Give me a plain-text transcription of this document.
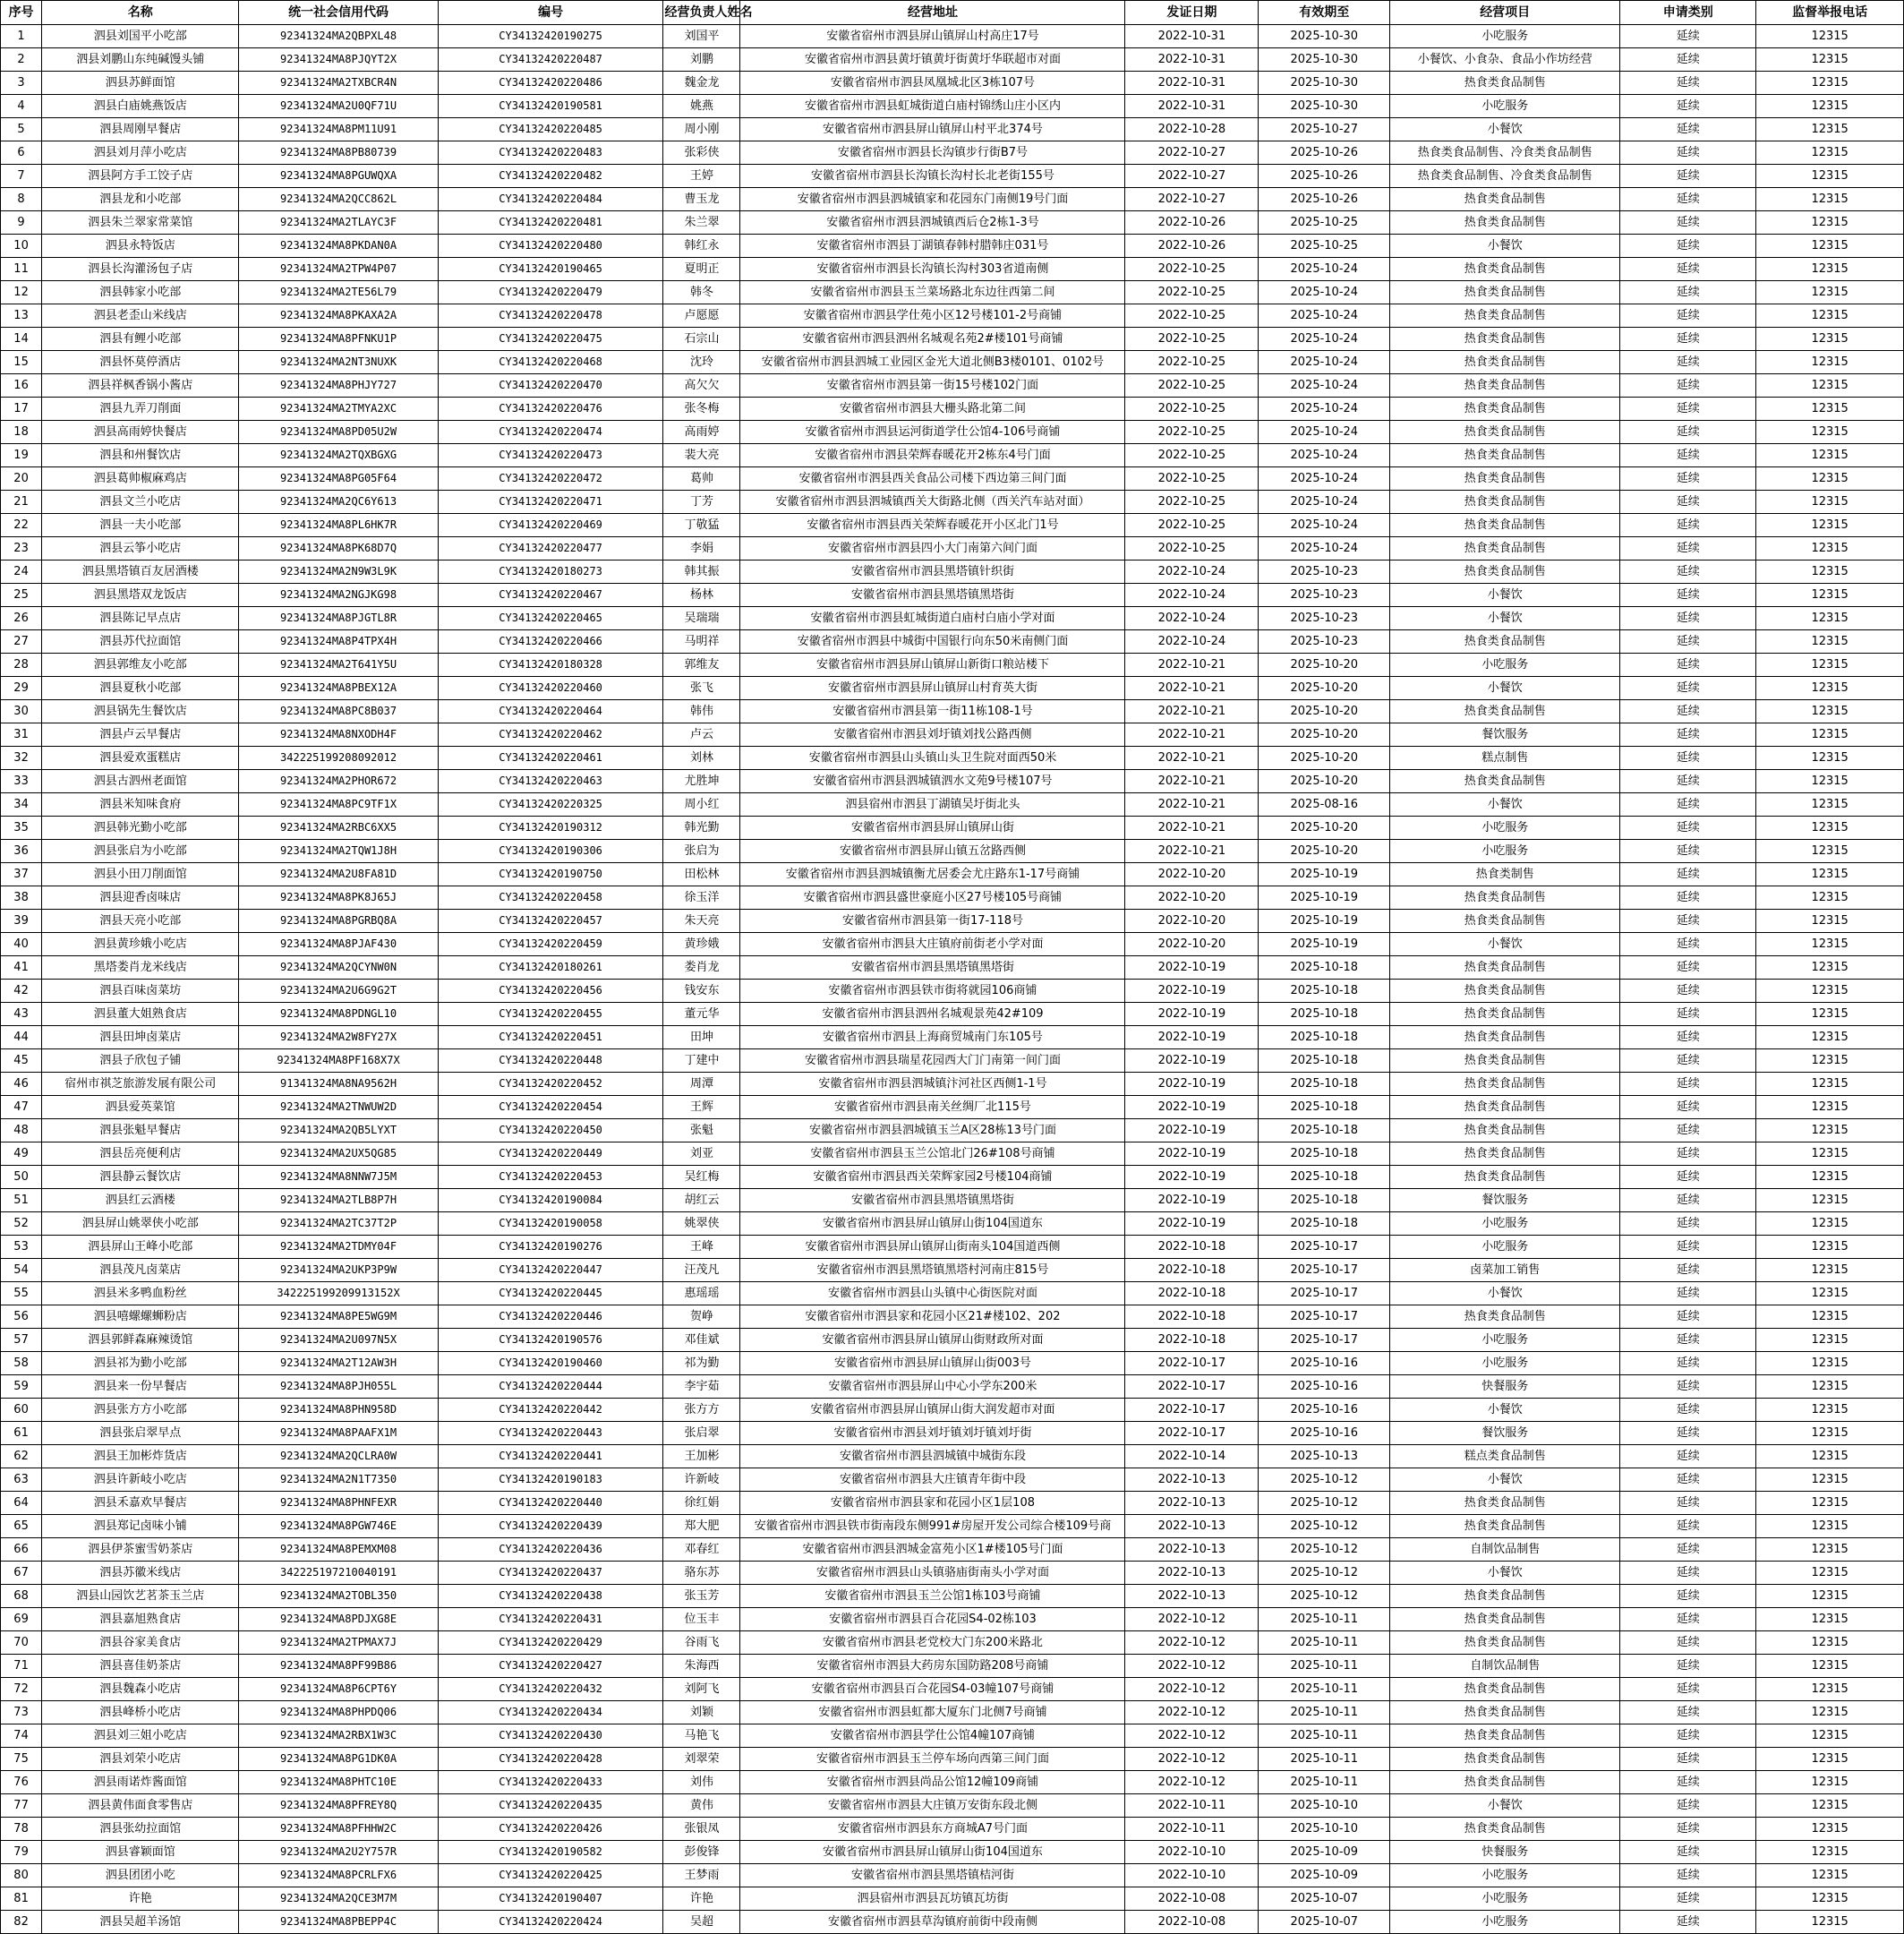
序号	名称	统一社会信用代码	编号	经营负责人姓名	经营地址	发证日期	有效期至	经营项目	申请类别	监督举报电话
1	泗县刘国平小吃部	92341324MA2QBPXL48	CY34132420190275	刘国平	安徽省宿州市泗县屏山镇屏山村高庄17号	2022-10-31	2025-10-30	小吃服务	延续	12315
2	泗县刘鹏山东纯碱馒头铺	92341324MA8PJQYT2X	CY34132420220487	刘鹏	安徽省宿州市泗县黄圩镇黄圩街黄圩华联超市对面	2022-10-31	2025-10-30	小餐饮、小食杂、食品小作坊经营	延续	12315
3	泗县苏鲜面馆	92341324MA2TXBCR4N	CY34132420220486	魏金龙	安徽省宿州市泗县凤凰城北区3栋107号	2022-10-31	2025-10-30	热食类食品制售	延续	12315
4	泗县白庙姚燕饭店	92341324MA2U0QF71U	CY34132420190581	姚燕	安徽省宿州市泗县虹城街道白庙村锦绣山庄小区内	2022-10-31	2025-10-30	小吃服务	延续	12315
5	泗县周刚早餐店	92341324MA8PM11U91	CY34132420220485	周小刚	安徽省宿州市泗县屏山镇屏山村平北374号	2022-10-28	2025-10-27	小餐饮	延续	12315
6	泗县刘月萍小吃店	92341324MA8PB80739	CY34132420220483	张彩侠	安徽省宿州市泗县长沟镇步行街B7号	2022-10-27	2025-10-26	热食类食品制售、冷食类食品制售	延续	12315
7	泗县阿方手工饺子店	92341324MA8PGUWQXA	CY34132420220482	王婷	安徽省宿州市泗县长沟镇长沟村长北老街155号	2022-10-27	2025-10-26	热食类食品制售、冷食类食品制售	延续	12315
8	泗县龙和小吃部	92341324MA2QCC862L	CY34132420220484	曹玉龙	安徽省宿州市泗县泗城镇家和花园东门南侧19号门面	2022-10-27	2025-10-26	热食类食品制售	延续	12315
9	泗县朱兰翠家常菜馆	92341324MA2TLAYC3F	CY34132420220481	朱兰翠	安徽省宿州市泗县泗城镇西后仓2栋1-3号	2022-10-26	2025-10-25	热食类食品制售	延续	12315
10	泗县永特饭店	92341324MA8PKDAN0A	CY34132420220480	韩红永	安徽省宿州市泗县丁湖镇春韩村腊韩庄031号	2022-10-26	2025-10-25	小餐饮	延续	12315
11	泗县长沟灌汤包子店	92341324MA2TPW4P07	CY34132420190465	夏明正	安徽省宿州市泗县长沟镇长沟村303省道南侧	2022-10-25	2025-10-24	热食类食品制售	延续	12315
12	泗县韩家小吃部	92341324MA2TE56L79	CY34132420220479	韩冬	安徽省宿州市泗县玉兰菜场路北东边往西第二间	2022-10-25	2025-10-24	热食类食品制售	延续	12315
13	泗县老歪山米线店	92341324MA8PKAXA2A	CY34132420220478	卢愿愿	安徽省宿州市泗县学仕苑小区12号楼101-2号商铺	2022-10-25	2025-10-24	热食类食品制售	延续	12315
14	泗县有鲤小吃部	92341324MA8PFNKU1P	CY34132420220475	石宗山	安徽省宿州市泗县泗州名城观名苑2#楼101号商铺	2022-10-25	2025-10-24	热食类食品制售	延续	12315
15	泗县怀莫停酒店	92341324MA2NT3NUXK	CY34132420220468	沈玲	安徽省宿州市泗县泗城工业园区金光大道北侧B3楼0101、0102号	2022-10-25	2025-10-24	热食类食品制售	延续	12315
16	泗县祥枫香锅小酱店	92341324MA8PHJY727	CY34132420220470	高欠欠	安徽省宿州市泗县第一街15号楼102门面	2022-10-25	2025-10-24	热食类食品制售	延续	12315
17	泗县九弄刀削面	92341324MA2TMYA2XC	CY34132420220476	张冬梅	安徽省宿州市泗县大栅头路北第二间	2022-10-25	2025-10-24	热食类食品制售	延续	12315
18	泗县高雨婷快餐店	92341324MA8PD05U2W	CY34132420220474	高雨婷	安徽省宿州市泗县运河街道学仕公馆4-106号商铺	2022-10-25	2025-10-24	热食类食品制售	延续	12315
19	泗县和州餐饮店	92341324MA2TQXBGXG	CY34132420220473	裴大亮	安徽省宿州市泗县荣辉春暖花开2栋东4号门面	2022-10-25	2025-10-24	热食类食品制售	延续	12315
20	泗县葛帅椒麻鸡店	92341324MA8PG05F64	CY34132420220472	葛帅	安徽省宿州市泗县西关食品公司楼下西边第三间门面	2022-10-25	2025-10-24	热食类食品制售	延续	12315
21	泗县文兰小吃店	92341324MA2QC6Y613	CY34132420220471	丁芳	安徽省宿州市泗县泗城镇西关大街路北侧（西关汽车站对面）	2022-10-25	2025-10-24	热食类食品制售	延续	12315
22	泗县一夫小吃部	92341324MA8PL6HK7R	CY34132420220469	丁敬猛	安徽省宿州市泗县西关荣辉春暖花开小区北门1号	2022-10-25	2025-10-24	热食类食品制售	延续	12315
23	泗县云筝小吃店	92341324MA8PK68D7Q	CY34132420220477	李娟	安徽省宿州市泗县四小大门南第六间门面	2022-10-25	2025-10-24	热食类食品制售	延续	12315
24	泗县黑塔镇百友居酒楼	92341324MA2N9W3L9K	CY34132420180273	韩其振	安徽省宿州市泗县黑塔镇针织街	2022-10-24	2025-10-23	热食类食品制售	延续	12315
25	泗县黑塔双龙饭店	92341324MA2NGJKG98	CY34132420220467	杨林	安徽省宿州市泗县黑塔镇黑塔街	2022-10-24	2025-10-23	小餐饮	延续	12315
26	泗县陈记早点店	92341324MA8PJGTL8R	CY34132420220465	吴瑞瑞	安徽省宿州市泗县虹城街道白庙村白庙小学对面	2022-10-24	2025-10-23	小餐饮	延续	12315
27	泗县苏代拉面馆	92341324MA8P4TPX4H	CY34132420220466	马明祥	安徽省宿州市泗县中城街中国银行向东50米南侧门面	2022-10-24	2025-10-23	热食类食品制售	延续	12315
28	泗县郭维友小吃部	92341324MA2T641Y5U	CY34132420180328	郭维友	安徽省宿州市泗县屏山镇屏山新街口粮站楼下	2022-10-21	2025-10-20	小吃服务	延续	12315
29	泗县夏秋小吃部	92341324MA8PBEX12A	CY34132420220460	张飞	安徽省宿州市泗县屏山镇屏山村育英大街	2022-10-21	2025-10-20	小餐饮	延续	12315
30	泗县锅先生餐饮店	92341324MA8PC8B037	CY34132420220464	韩伟	安徽省宿州市泗县第一街11栋108-1号	2022-10-21	2025-10-20	热食类食品制售	延续	12315
31	泗县卢云早餐店	92341324MA8NXODH4F	CY34132420220462	卢云	安徽省宿州市泗县刘圩镇刘找公路西侧	2022-10-21	2025-10-20	餐饮服务	延续	12315
32	泗县爱欢蛋糕店	342225199208092012	CY34132420220461	刘林	安徽省宿州市泗县山头镇山头卫生院对面西50米	2022-10-21	2025-10-20	糕点制售	延续	12315
33	泗县古泗州老面馆	92341324MA2PHOR672	CY34132420220463	尤胜坤	安徽省宿州市泗县泗城镇泗水文苑9号楼107号	2022-10-21	2025-10-20	热食类食品制售	延续	12315
34	泗县米知味食府	92341324MA8PC9TF1X	CY34132420220325	周小红	泗县宿州市泗县丁湖镇吴圩街北头	2022-10-21	2025-08-16	小餐饮	延续	12315
35	泗县韩光勤小吃部	92341324MA2RBC6XX5	CY34132420190312	韩光勤	安徽省宿州市泗县屏山镇屏山街	2022-10-21	2025-10-20	小吃服务	延续	12315
36	泗县张启为小吃部	92341324MA2TQW1J8H	CY34132420190306	张启为	安徽省宿州市泗县屏山镇五岔路西侧	2022-10-21	2025-10-20	小吃服务	延续	12315
37	泗县小田刀削面馆	92341324MA2U8FA81D	CY34132420190750	田松林	安徽省宿州市泗县泗城镇衡尤居委会尤庄路东1-17号商铺	2022-10-20	2025-10-19	热食类制售	延续	12315
38	泗县迎香卤味店	92341324MA8PK8J65J	CY34132420220458	徐玉洋	安徽省宿州市泗县盛世豪庭小区27号楼105号商铺	2022-10-20	2025-10-19	热食类食品制售	延续	12315
39	泗县天亮小吃部	92341324MA8PGRBQ8A	CY34132420220457	朱天亮	安徽省宿州市泗县第一街17-118号	2022-10-20	2025-10-19	热食类食品制售	延续	12315
40	泗县黄珍娥小吃店	92341324MA8PJAF430	CY34132420220459	黄珍娥	安徽省宿州市泗县大庄镇府前街老小学对面	2022-10-20	2025-10-19	小餐饮	延续	12315
41	黑塔娄肖龙米线店	92341324MA2QCYNW0N	CY34132420180261	娄肖龙	安徽省宿州市泗县黑塔镇黑塔街	2022-10-19	2025-10-18	热食类食品制售	延续	12315
42	泗县百味卤菜坊	92341324MA2U6G9G2T	CY34132420220456	钱安东	安徽省宿州市泗县铁市街将就园106商铺	2022-10-19	2025-10-18	热食类食品制售	延续	12315
43	泗县董大姐熟食店	92341324MA8PDNGL10	CY34132420220455	董元华	安徽省宿州市泗县泗州名城观景苑42#109	2022-10-19	2025-10-18	热食类食品制售	延续	12315
44	泗县田坤卤菜店	92341324MA2W8FY27X	CY34132420220451	田坤	安徽省宿州市泗县上海商贸城南门东105号	2022-10-19	2025-10-18	热食类食品制售	延续	12315
45	泗县子欣包子铺	92341324MA8PF168X7X	CY34132420220448	丁建中	安徽省宿州市泗县瑞星花园西大门门南第一间门面	2022-10-19	2025-10-18	热食类食品制售	延续	12315
46	宿州市祺芝旅游发展有限公司	91341324MA8NA9562H	CY34132420220452	周潭	安徽省宿州市泗县泗城镇汴河社区西侧1-1号	2022-10-19	2025-10-18	热食类食品制售	延续	12315
47	泗县爱英菜馆	92341324MA2TNWUW2D	CY34132420220454	王辉	安徽省宿州市泗县南关丝绸厂北115号	2022-10-19	2025-10-18	热食类食品制售	延续	12315
48	泗县张魁早餐店	92341324MA2QB5LYXT	CY34132420220450	张魁	安徽省宿州市泗县泗城镇玉兰A区28栋13号门面	2022-10-19	2025-10-18	热食类食品制售	延续	12315
49	泗县岳亮便利店	92341324MA2UX5QG85	CY34132420220449	刘亚	安徽省宿州市泗县玉兰公馆北门26#108号商铺	2022-10-19	2025-10-18	热食类食品制售	延续	12315
50	泗县静云餐饮店	92341324MA8NNW7J5M	CY34132420220453	吴红梅	安徽省宿州市泗县西关荣辉家园2号楼104商铺	2022-10-19	2025-10-18	热食类食品制售	延续	12315
51	泗县红云酒楼	92341324MA2TLB8P7H	CY34132420190084	胡红云	安徽省宿州市泗县黑塔镇黑塔街	2022-10-19	2025-10-18	餐饮服务	延续	12315
52	泗县屏山姚翠侠小吃部	92341324MA2TC37T2P	CY34132420190058	姚翠侠	安徽省宿州市泗县屏山镇屏山街104国道东	2022-10-19	2025-10-18	小吃服务	延续	12315
53	泗县屏山王峰小吃部	92341324MA2TDMY04F	CY34132420190276	王峰	安徽省宿州市泗县屏山镇屏山街南头104国道西侧	2022-10-18	2025-10-17	小吃服务	延续	12315
54	泗县茂凡卤菜店	92341324MA2UKP3P9W	CY34132420220447	汪茂凡	安徽省宿州市泗县黑塔镇黑塔村河南庄815号	2022-10-18	2025-10-17	卤菜加工销售	延续	12315
55	泗县米多鸭血粉丝	342225199209913152X	CY34132420220445	惠瑶瑶	安徽省宿州市泗县山头镇中心街医院对面	2022-10-18	2025-10-17	小餐饮	延续	12315
56	泗县嘻螺螺蛳粉店	92341324MA8PE5WG9M	CY34132420220446	贺峥	安徽省宿州市泗县家和花园小区21#楼102、202	2022-10-18	2025-10-17	热食类食品制售	延续	12315
57	泗县郭鲜森麻辣烫馆	92341324MA2U097N5X	CY34132420190576	邓佳斌	安徽省宿州市泗县屏山镇屏山街财政所对面	2022-10-18	2025-10-17	小吃服务	延续	12315
58	泗县祁为勤小吃部	92341324MA2T12AW3H	CY34132420190460	祁为勤	安徽省宿州市泗县屏山镇屏山街003号	2022-10-17	2025-10-16	小吃服务	延续	12315
59	泗县来一份早餐店	92341324MA8PJH055L	CY34132420220444	李宇茹	安徽省宿州市泗县屏山中心小学东200米	2022-10-17	2025-10-16	快餐服务	延续	12315
60	泗县张方方小吃部	92341324MA8PHN958D	CY34132420220442	张方方	安徽省宿州市泗县屏山镇屏山街大润发超市对面	2022-10-17	2025-10-16	小餐饮	延续	12315
61	泗县张启翠早点	92341324MA8PAAFX1M	CY34132420220443	张启翠	安徽省宿州市泗县刘圩镇刘圩镇刘圩街	2022-10-17	2025-10-16	餐饮服务	延续	12315
62	泗县王加彬炸货店	92341324MA2QCLRA0W	CY34132420220441	王加彬	安徽省宿州市泗县泗城镇中城街东段	2022-10-14	2025-10-13	糕点类食品制售	延续	12315
63	泗县许新岐小吃店	92341324MA2N1T7350	CY34132420190183	许新岐	安徽省宿州市泗县大庄镇青年街中段	2022-10-13	2025-10-12	小餐饮	延续	12315
64	泗县禾嘉欢早餐店	92341324MA8PHNFEXR	CY34132420220440	徐红娟	安徽省宿州市泗县家和花园小区1层108	2022-10-13	2025-10-12	热食类食品制售	延续	12315
65	泗县郑记卤味小铺	92341324MA8PGW746E	CY34132420220439	郑大肥	安徽省宿州市泗县铁市街南段东侧991#房屋开发公司综合楼109号商	2022-10-13	2025-10-12	热食类食品制售	延续	12315
66	泗县伊茶蜜雪奶茶店	92341324MA8PEMXM08	CY34132420220436	邓春红	安徽省宿州市泗县泗城金富苑小区1#楼105号门面	2022-10-13	2025-10-12	自制饮品制售	延续	12315
67	泗县苏徽米线店	342225197210040191	CY34132420220437	骆东苏	安徽省宿州市泗县山头镇骆庙街南头小学对面	2022-10-13	2025-10-12	小餐饮	延续	12315
68	泗县山园饮艺茗茶玉兰店	92341324MA2TOBL350	CY34132420220438	张玉芳	安徽省宿州市泗县玉兰公馆1栋103号商铺	2022-10-13	2025-10-12	热食类食品制售	延续	12315
69	泗县嘉旭熟食店	92341324MA8PDJXG8E	CY34132420220431	位玉丰	安徽省宿州市泗县百合花园S4-02栋103	2022-10-12	2025-10-11	热食类食品制售	延续	12315
70	泗县谷家美食店	92341324MA2TPMAX7J	CY34132420220429	谷雨飞	安徽省宿州市泗县老党校大门东200米路北	2022-10-12	2025-10-11	热食类食品制售	延续	12315
71	泗县喜佳奶茶店	92341324MA8PF99B86	CY34132420220427	朱海西	安徽省宿州市泗县大药房东国防路208号商铺	2022-10-12	2025-10-11	自制饮品制售	延续	12315
72	泗县魏森小吃店	92341324MA8P6CPT6Y	CY34132420220432	刘阿飞	安徽省宿州市泗县百合花园S4-03幢107号商铺	2022-10-12	2025-10-11	热食类食品制售	延续	12315
73	泗县峰桥小吃店	92341324MA8PHPDQ06	CY34132420220434	刘颖	安徽省宿州市泗县虹都大厦东门北侧7号商铺	2022-10-12	2025-10-11	热食类食品制售	延续	12315
74	泗县刘三姐小吃店	92341324MA2RBX1W3C	CY34132420220430	马艳飞	安徽省宿州市泗县学仕公馆4幢107商铺	2022-10-12	2025-10-11	热食类食品制售	延续	12315
75	泗县刘荣小吃店	92341324MA8PG1DK0A	CY34132420220428	刘翠荣	安徽省宿州市泗县玉兰停车场向西第三间门面	2022-10-12	2025-10-11	热食类食品制售	延续	12315
76	泗县雨诺炸酱面馆	92341324MA8PHTC10E	CY34132420220433	刘伟	安徽省宿州市泗县尚品公馆12幢109商铺	2022-10-12	2025-10-11	热食类食品制售	延续	12315
77	泗县黄伟面食零售店	92341324MA8PFREY8Q	CY34132420220435	黄伟	安徽省宿州市泗县大庄镇万安街东段北侧	2022-10-11	2025-10-10	小餐饮	延续	12315
78	泗县张幼拉面馆	92341324MA8PFHHW2C	CY34132420220426	张银凤	安徽省宿州市泗县东方商城A7号门面	2022-10-11	2025-10-10	热食类食品制售	延续	12315
79	泗县睿颖面馆	92341324MA2U2Y757R	CY34132420190582	彭俊锋	安徽省宿州市泗县屏山镇屏山街104国道东	2022-10-10	2025-10-09	快餐服务	延续	12315
80	泗县团团小吃	92341324MA8PCRLFX6	CY34132420220425	王梦雨	安徽省宿州市泗县黑塔镇桔河街	2022-10-10	2025-10-09	小吃服务	延续	12315
81	许艳	92341324MA2QCE3M7M	CY34132420190407	许艳	泗县宿州市泗县瓦坊镇瓦坊街	2022-10-08	2025-10-07	小吃服务	延续	12315
82	泗县吴超羊汤馆	92341324MA8PBEPP4C	CY34132420220424	吴超	安徽省宿州市泗县草沟镇府前街中段南侧	2022-10-08	2025-10-07	小吃服务	延续	12315
